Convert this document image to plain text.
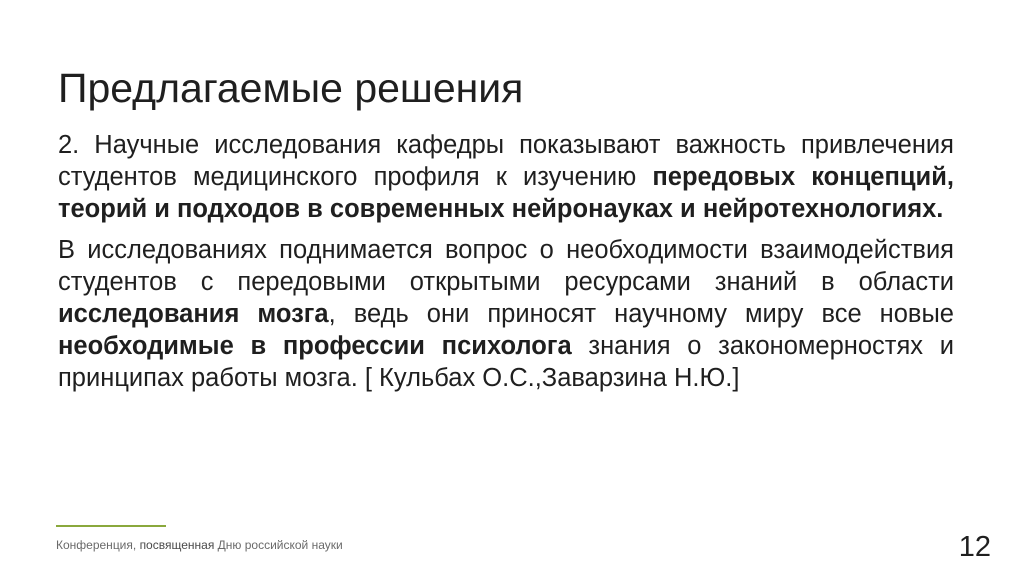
Предлагаемые решения

2. Научные исследования кафедры показывают важность привлечения студентов медицинского профиля к изучению передовых концепций, теорий и подходов в современных нейронауках и нейротехнологиях.

В исследованиях поднимается вопрос о необходимости взаимодействия студентов с передовыми открытыми ресурсами знаний в области исследования мозга, ведь они приносят научному миру все новые необходимые в профессии психолога знания о закономерностях и принципах работы мозга. [ Кульбах О.С.,Заварзина Н.Ю.]

Конференция, посвященная Дню российской науки	12
